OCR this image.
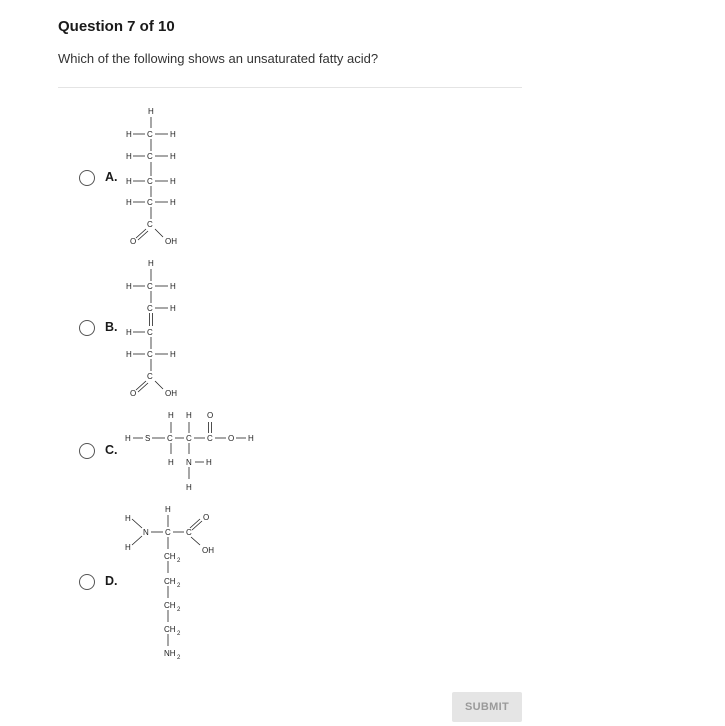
Question 7 of 10
Which of the following shows an unsaturated fatty acid?
A.
H
H C H
H C H
H C H
H C H
C
O	OH
B.
H
H C H
C H
H C
H C H
C
O	OH
C.
H H O
H S C C C O H
H N H
H
D.
H
H
N C C
H
O
OH
CH 2
CH 2
CH 2
CH 2
NH 2
SUBMIT
